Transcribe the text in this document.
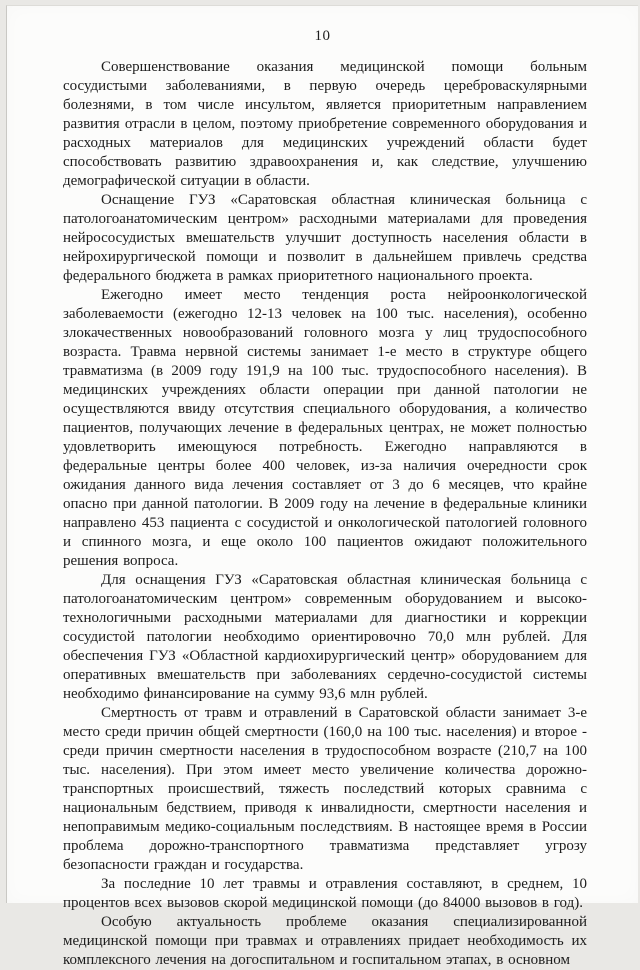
10

Совершенствование оказания медицинской помощи больным сосудистыми заболеваниями, в первую очередь цереброваскулярными болезнями, в том числе инсультом, является приоритетным направлением развития отрасли в целом, поэтому приобретение современного оборудования и расходных материалов для медицинских учреждений области будет способствовать развитию здравоохранения и, как следствие, улучшению демографической ситуации в области.

Оснащение ГУЗ «Саратовская областная клиническая больница с патологоанатомическим центром» расходными материалами для проведения нейрососудистых вмешательств улучшит доступность населения области в нейрохирургической помощи и позволит в дальнейшем привлечь средства федерального бюджета в рамках приоритетного национального проекта.

Ежегодно имеет место тенденция роста нейроонкологической заболеваемости (ежегодно 12-13 человек на 100 тыс. населения), особенно злокачественных новообразований головного мозга у лиц трудоспособного возраста. Травма нервной системы занимает 1-е место в структуре общего травматизма (в 2009 году 191,9 на 100 тыс. трудоспособного населения). В медицинских учреждениях области операции при данной патологии не осуществляются ввиду отсутствия специального оборудования, а количество пациентов, получающих лечение в федеральных центрах, не может полностью удовлетворить имеющуюся потребность. Ежегодно направляются в федеральные центры более 400 человек, из-за наличия очередности срок ожидания данного вида лечения составляет от 3 до 6 месяцев, что крайне опасно при данной патологии. В 2009 году на лечение в федеральные клиники направлено 453 пациента с сосудистой и онкологической патологией головного и спинного мозга, и еще около 100 пациентов ожидают положительного решения вопроса.

Для оснащения ГУЗ «Саратовская областная клиническая больница с патологоанатомическим центром» современным оборудованием и высоко-технологичными расходными материалами для диагностики и коррекции сосудистой патологии необходимо ориентировочно 70,0 млн рублей. Для обеспечения ГУЗ «Областной кардиохирургический центр» оборудованием для оперативных вмешательств при заболеваниях сердечно-сосудистой системы необходимо финансирование на сумму 93,6 млн рублей.

Смертность от травм и отравлений в Саратовской области занимает 3-е место среди причин общей смертности (160,0 на 100 тыс. населения) и второе - среди причин смертности населения в трудоспособном возрасте (210,7 на 100 тыс. населения). При этом имеет место увеличение количества дорожно-транспортных происшествий, тяжесть последствий которых сравнима с национальным бедствием, приводя к инвалидности, смертности населения и непоправимым медико-социальным последствиям. В настоящее время в России проблема дорожно-транспортного травматизма представляет угрозу безопасности граждан и государства.

За последние 10 лет травмы и отравления составляют, в среднем, 10 процентов всех вызовов скорой медицинской помощи (до 84000 вызовов в год).

Особую актуальность проблеме оказания специализированной медицинской помощи при травмах и отравлениях придает необходимость их комплексного лечения на догоспитальном и госпитальном этапах, в основном
